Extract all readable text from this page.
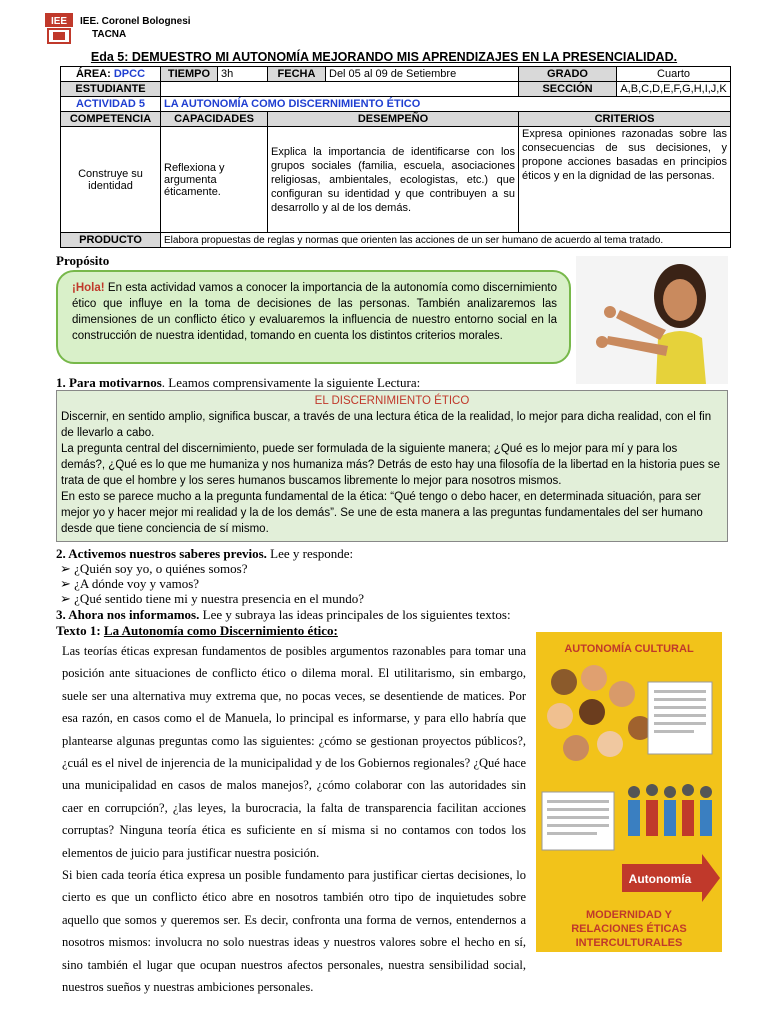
IEE IEE. Coronel Bolognesi
TACNA
Eda 5: DEMUESTRO MI AUTONOMÍA MEJORANDO MIS APRENDIZAJES EN LA PRESENCIALIDAD.
ÁREA: DPCC	TIEMPO	3h	FECHA	Del 05 al 09 de Setiembre	GRADO	Cuarto
ESTUDIANTE					SECCIÓN	A,B,C,D,E,F,G,H,I,J,K
ACTIVIDAD 5	LA AUTONOMÍA COMO DISCERNIMIENTO ÉTICO					
COMPETENCIA	CAPACIDADES		DESEMPEÑO		CRITERIOS	
Construye su identidad	Reflexiona y argumenta éticamente.		Explica la importancia de identificarse con los grupos sociales (familia, escuela, asociaciones religiosas, ambientales, ecologistas, etc.) que configuran su identidad y que contribuyen a su desarrollo y al de los demás.		Expresa opiniones razonadas sobre las consecuencias de sus decisiones, y propone acciones basadas en principios éticos y en la dignidad de las personas.	
PRODUCTO	Elabora propuestas de reglas y normas que orienten las acciones de un ser humano de acuerdo al tema tratado.					
Propósito
¡Hola! En esta actividad vamos a conocer la importancia de la autonomía como discernimiento ético que influye en la toma de decisiones de las personas. También analizaremos las dimensiones de un conflicto ético y evaluaremos la influencia de nuestro entorno social en la construcción de nuestra identidad, tomando en cuenta los distintos criterios morales.
1. Para motivarnos. Leamos comprensivamente la siguiente Lectura:
EL DISCERNIMIENTO ÉTICO
Discernir, en sentido amplio, significa buscar, a través de una lectura ética de la realidad, lo mejor para dicha realidad, con el fin de llevarlo a cabo.
La pregunta central del discernimiento, puede ser formulada de la siguiente manera; ¿Qué es lo mejor para mí y para los demás?, ¿Qué es lo que me humaniza y nos humaniza más? Detrás de esto hay una filosofía de la libertad en la historia pues se trata de que el hombre y los seres humanos buscamos libremente lo mejor para nosotros mismos.
En esto se parece mucho a la pregunta fundamental de la ética: “Qué tengo o debo hacer, en determinada situación, para ser mejor yo y hacer mejor mi realidad y la de los demás”. Se une de esta manera a las preguntas fundamentales del ser humano desde que tiene conciencia de sí mismo.
2. Activemos nuestros saberes previos. Lee y responde:
➢ ¿Quién soy yo, o quiénes somos?
➢ ¿A dónde voy y vamos?
➢ ¿Qué sentido tiene mi y nuestra presencia en el mundo?
3. Ahora nos informamos. Lee y subraya las ideas principales de los siguientes textos:
Texto 1: La Autonomía como Discernimiento ético:
Las teorías éticas expresan fundamentos de posibles argumentos razonables para tomar una posición ante situaciones de conflicto ético o dilema moral. El utilitarismo, sin embargo, suele ser una alternativa muy extrema que, no pocas veces, se desentiende de matices. Por esa razón, en casos como el de Manuela, lo principal es informarse, y para ello habría que plantearse algunas preguntas como las siguientes: ¿cómo se gestionan proyectos públicos?, ¿cuál es el nivel de injerencia de la municipalidad y de los Gobiernos regionales? ¿Qué hace una municipalidad en casos de malos manejos?, ¿cómo colaborar con las autoridades sin caer en corrupción?, ¿las leyes, la burocracia, la falta de transparencia facilitan acciones corruptas? Ninguna teoría ética es suficiente en sí misma si no contamos con todos los elementos de juicio para justificar nuestra posición.
Si bien cada teoría ética expresa un posible fundamento para justificar ciertas decisiones, lo cierto es que un conflicto ético abre en nosotros también otro tipo de inquietudes sobre aquello que somos y queremos ser. Es decir, confronta una forma de vernos, entendernos a nosotros mismos: involucra no solo nuestras ideas y nuestros valores sobre el hecho en sí, sino también el lugar que ocupan nuestros afectos personales, nuestra sensibilidad social, nuestros sueños y nuestras ambiciones personales.
AUTONOMÍA CULTURAL
Autonomía
MODERNIDAD Y
RELACIONES ÉTICAS
INTERCULTURALES
